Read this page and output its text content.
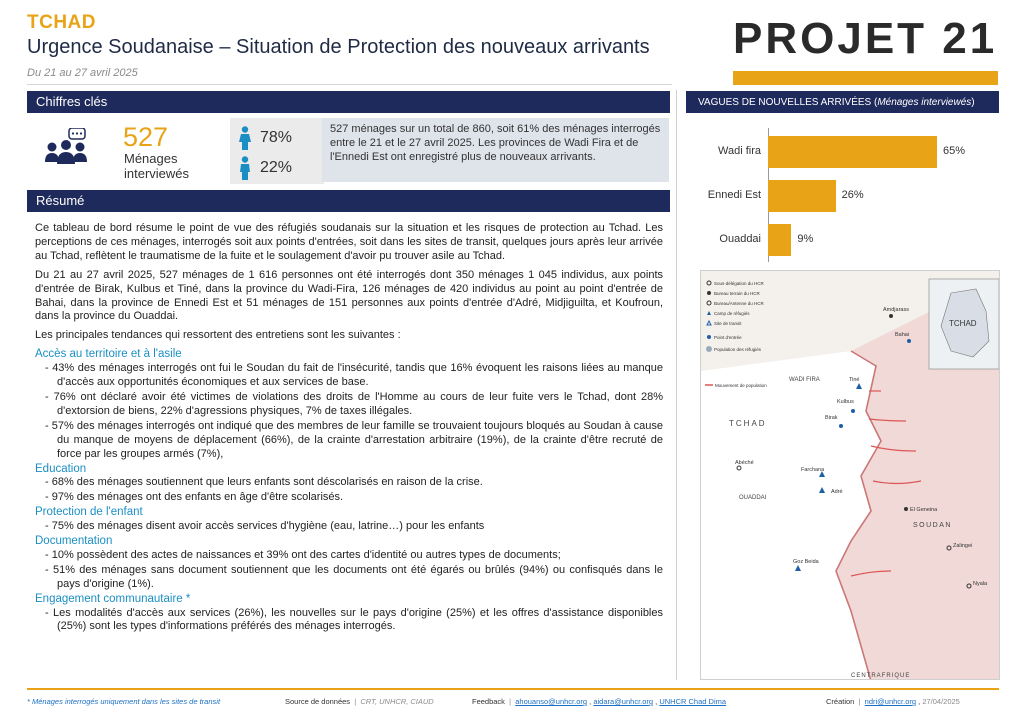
TCHAD
Urgence Soudanaise – Situation de Protection des nouveaux arrivants
Du 21 au 27 avril 2025
PROJET 21
Chiffres clés
527
Ménages
interviewés
78%
22%
527 ménages sur un total de 860, soit 61% des ménages interrogés entre le 21 et le 27 avril 2025. Les provinces de Wadi Fira et de l'Ennedi Est ont enregistré plus de nouveaux arrivants.
Résumé

Ce tableau de bord résume le point de vue des réfugiés soudanais sur la situation et les risques de protection au Tchad. Les perceptions de ces ménages, interrogés soit aux points d'entrées, soit dans les sites de transit, quelques jours après leur arrivée au Tchad, reflètent le traumatisme de la fuite et le soulagement d'avoir pu trouver asile au Tchad.

Du 21 au 27 avril 2025, 527 ménages de 1 616 personnes ont été interrogés dont 350 ménages 1 045 individus, aux points d'entrée de Birak, Kulbus et Tiné, dans la province du Wadi-Fira, 126 ménages de 420 individus au point au point d'entrée de Bahai, dans la province de Ennedi Est et 51 ménages de 151 personnes aux points d'entrée d'Adré, Midjiguilta, et Koufroun, dans la province du Ouaddai.

Les principales tendances qui ressortent des entretiens sont les suivantes :

Accès au territoire et à l'asile
- 43% des ménages interrogés ont fui le Soudan du fait de l'insécurité, tandis que 16% évoquent les raisons liées au manque d'accès aux opportunités économiques et aux services de base.
- 76% ont déclaré avoir été victimes de violations des droits de l'Homme au cours de leur fuite vers le Tchad, dont 28% d'extorsion de biens, 22% d'agressions physiques, 7% de taxes illégales.
- 57% des ménages interrogés ont indiqué que des membres de leur famille se trouvaient toujours bloqués au Soudan à cause du manque de moyens de déplacement (66%), de la crainte d'arrestation arbitraire (19%), de la crainte d'être recruté de force par les groupes armés (7%),
Education
- 68% des ménages soutiennent que leurs enfants sont déscolarisés en raison de la crise.
- 97% des ménages ont des enfants en âge d'être scolarisés.
Protection de l'enfant
- 75% des ménages disent avoir accès services d'hygiène (eau, latrine…) pour les enfants
Documentation
- 10% possèdent des actes de naissances et 39% ont des cartes d'identité ou autres types de documents;
- 51% des ménages sans document soutiennent que les documents ont été égarés ou brûlés (94%) ou confisqués dans le pays d'origine (1%).
Engagement communautaire *
- Les modalités d'accès aux services (26%), les nouvelles sur le pays d'origine (25%) et les offres d'assistance disponibles (25%) sont les types d'informations préférés des ménages interrogés.
VAGUES DE NOUVELLES ARRIVÉES (Ménages interviewés)
Wadi fira	65%
Ennedi Est	26%
Ouaddai	9%
TCHAD
Sous-délégation du HCR
Bureau terrain du HCR
Bureau/Antenne du HCR
Camp de réfugiés
Site de transit
Point d'entrée
Population des réfugiés
Mouvement de population
TCHAD
WADI FIRA
OUADDAI
SOUDAN
CENTRAFRIQUE
Abéché
Adré
Farchana
El Geneina
Zalingei
Nyala
Goz Beida
Tiné
Kulbus
Birak
Bahai
Amdjarass
* Ménages interrogés uniquement dans les sites de transit	Source de données | CRT, UNHCR, CIAUD	Feedback | ahouanso@unhcr.org , aidara@unhcr.org , UNHCR Chad Dima	Création | ndri@unhcr.org , 27/04/2025
